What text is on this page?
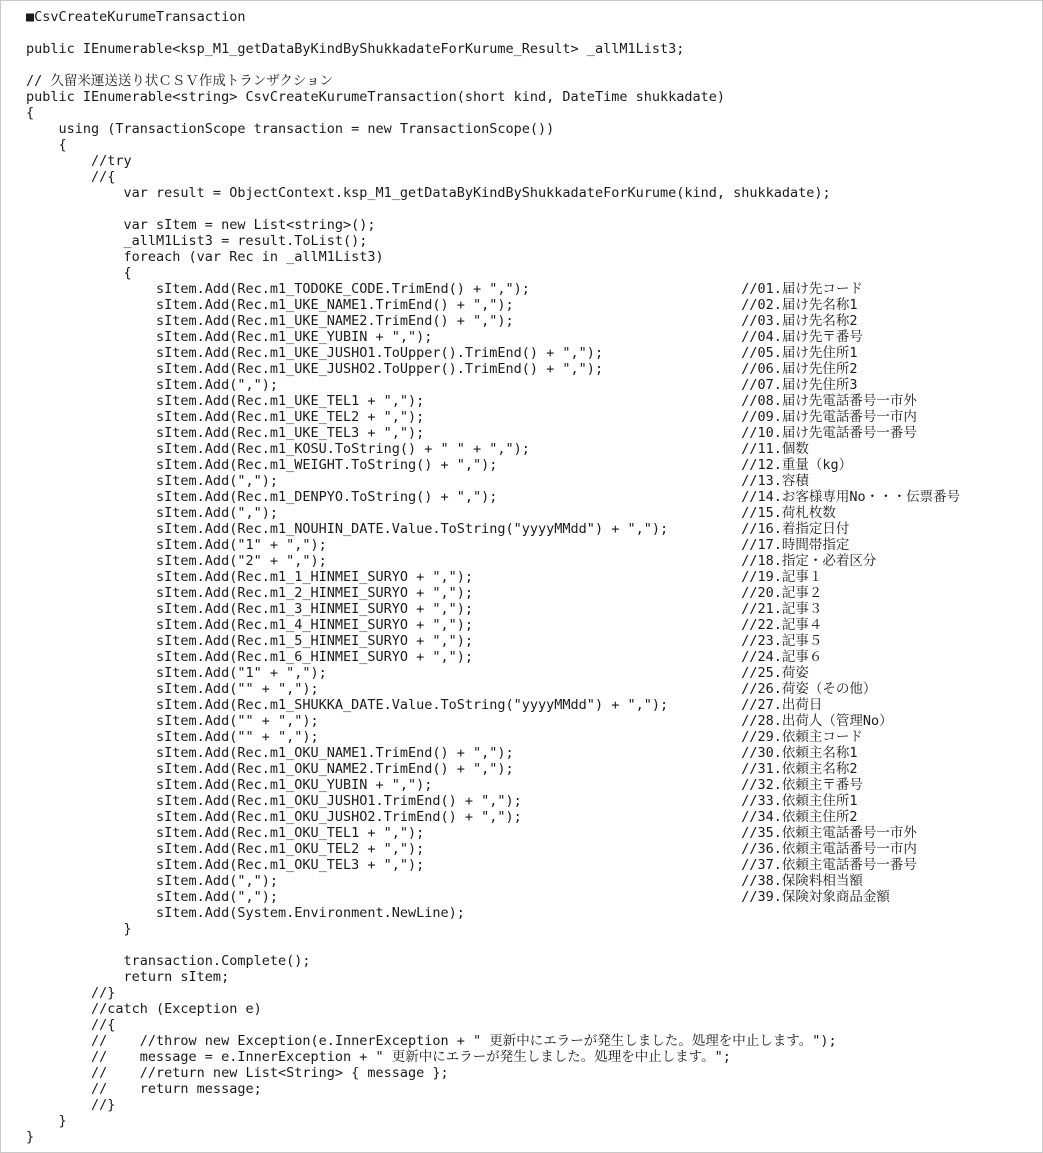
■CsvCreateKurumeTransaction

public IEnumerable<ksp_M1_getDataByKindByShukkadateForKurume_Result> _allM1List3;

// 久留米運送送り状ＣＳＶ作成トランザクション
public IEnumerable<string> CsvCreateKurumeTransaction(short kind, DateTime shukkadate)
{
using (TransactionScope transaction = new TransactionScope())
{
//try
//{
var result = ObjectContext.ksp_M1_getDataByKindByShukkadateForKurume(kind, shukkadate);

var sItem = new List<string>();
_allM1List3 = result.ToList();
foreach (var Rec in _allM1List3)
{
sItem.Add(Rec.m1_TODOKE_CODE.TrimEnd() + ",");                          //01.届け先コード
sItem.Add(Rec.m1_UKE_NAME1.TrimEnd() + ",");                            //02.届け先名称1
sItem.Add(Rec.m1_UKE_NAME2.TrimEnd() + ",");                            //03.届け先名称2
sItem.Add(Rec.m1_UKE_YUBIN + ",");                                      //04.届け先〒番号
sItem.Add(Rec.m1_UKE_JUSHO1.ToUpper().TrimEnd() + ",");                 //05.届け先住所1
sItem.Add(Rec.m1_UKE_JUSHO2.ToUpper().TrimEnd() + ",");                 //06.届け先住所2
sItem.Add(",");                                                         //07.届け先住所3
sItem.Add(Rec.m1_UKE_TEL1 + ",");                                       //08.届け先電話番号一市外
sItem.Add(Rec.m1_UKE_TEL2 + ",");                                       //09.届け先電話番号一市内
sItem.Add(Rec.m1_UKE_TEL3 + ",");                                       //10.届け先電話番号一番号
sItem.Add(Rec.m1_KOSU.ToString() + " " + ",");                          //11.個数
sItem.Add(Rec.m1_WEIGHT.ToString() + ",");                              //12.重量（kg）
sItem.Add(",");                                                         //13.容積
sItem.Add(Rec.m1_DENPYO.ToString() + ",");                              //14.お客様専用No・・・伝票番号
sItem.Add(",");                                                         //15.荷札枚数
sItem.Add(Rec.m1_NOUHIN_DATE.Value.ToString("yyyyMMdd") + ",");         //16.着指定日付
sItem.Add("1" + ",");                                                   //17.時間帯指定
sItem.Add("2" + ",");                                                   //18.指定・必着区分
sItem.Add(Rec.m1_1_HINMEI_SURYO + ",");                                 //19.記事１
sItem.Add(Rec.m1_2_HINMEI_SURYO + ",");                                 //20.記事２
sItem.Add(Rec.m1_3_HINMEI_SURYO + ",");                                 //21.記事３
sItem.Add(Rec.m1_4_HINMEI_SURYO + ",");                                 //22.記事４
sItem.Add(Rec.m1_5_HINMEI_SURYO + ",");                                 //23.記事５
sItem.Add(Rec.m1_6_HINMEI_SURYO + ",");                                 //24.記事６
sItem.Add("1" + ",");                                                   //25.荷姿
sItem.Add("" + ",");                                                    //26.荷姿（その他）
sItem.Add(Rec.m1_SHUKKA_DATE.Value.ToString("yyyyMMdd") + ",");         //27.出荷日
sItem.Add("" + ",");                                                    //28.出荷人（管理No）
sItem.Add("" + ",");                                                    //29.依頼主コード
sItem.Add(Rec.m1_OKU_NAME1.TrimEnd() + ",");                            //30.依頼主名称1
sItem.Add(Rec.m1_OKU_NAME2.TrimEnd() + ",");                            //31.依頼主名称2
sItem.Add(Rec.m1_OKU_YUBIN + ",");                                      //32.依頼主〒番号
sItem.Add(Rec.m1_OKU_JUSHO1.TrimEnd() + ",");                           //33.依頼主住所1
sItem.Add(Rec.m1_OKU_JUSHO2.TrimEnd() + ",");                           //34.依頼主住所2
sItem.Add(Rec.m1_OKU_TEL1 + ",");                                       //35.依頼主電話番号一市外
sItem.Add(Rec.m1_OKU_TEL2 + ",");                                       //36.依頼主電話番号一市内
sItem.Add(Rec.m1_OKU_TEL3 + ",");                                       //37.依頼主電話番号一番号
sItem.Add(",");                                                         //38.保険料相当額
sItem.Add(",");                                                         //39.保険対象商品金額
sItem.Add(System.Environment.NewLine);
}

transaction.Complete();
return sItem;
//}
//catch (Exception e)
//{
//    //throw new Exception(e.InnerException + " 更新中にエラーが発生しました。処理を中止します。");
//    message = e.InnerException + " 更新中にエラーが発生しました。処理を中止します。";
//    //return new List<String> { message };
//    return message;
//}
}
}
